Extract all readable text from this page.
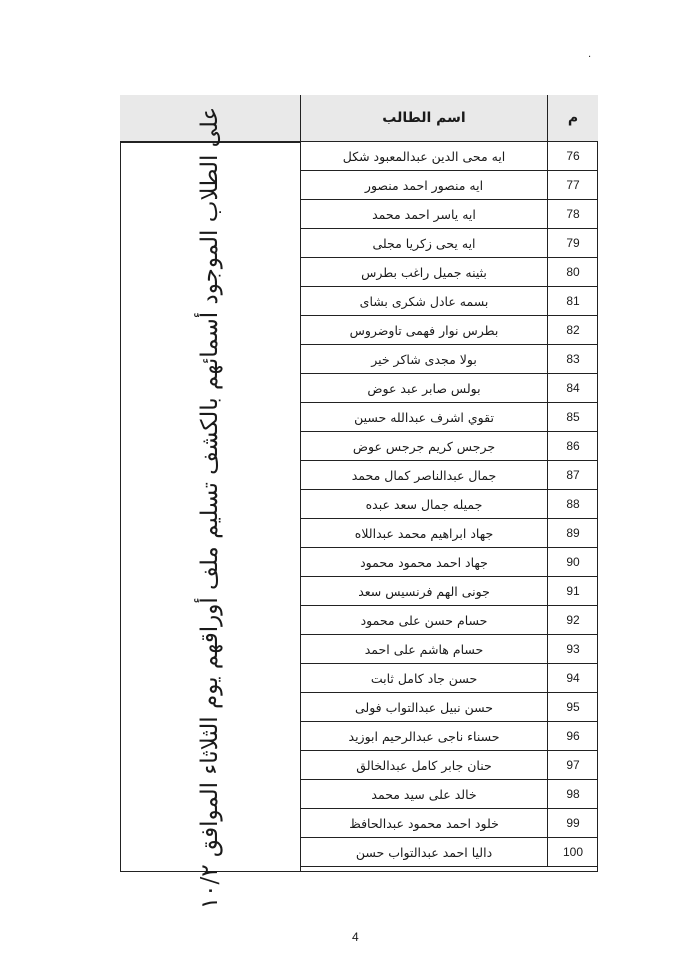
.
اسم الطالب	م
على الطلاب الموجود أسمائهم بالكشف تسليم ملف أوراقهم يوم الثلاثاء الموافق ١٠/٢	ايه محى الدين عبدالمعبود شكل	76
ايه منصور احمد منصور	77
ايه ياسر احمد محمد	78
ايه يحى زكريا مجلى	79
بثينه جميل راغب بطرس	80
بسمه عادل شكرى بشاى	81
بطرس نوار فهمى تاوضروس	82
بولا مجدى شاكر خير	83
بولس صابر عبد عوض	84
تقوي اشرف عبدالله حسين	85
جرجس كريم جرجس عوض	86
جمال عبدالناصر كمال محمد	87
جميله جمال سعد عبده	88
جهاد ابراهيم محمد عبداللاه	89
جهاد احمد محمود محمود	90
جونى الهم فرنسيس سعد	91
حسام حسن على محمود	92
حسام هاشم على احمد	93
حسن جاد كامل ثابت	94
حسن نبيل عبدالتواب فولى	95
حسناء ناجى عبدالرحيم ابوزيد	96
حنان جابر كامل عبدالخالق	97
خالد على سيد محمد	98
خلود احمد محمود عبدالحافظ	99
داليا احمد عبدالتواب حسن	100
4
